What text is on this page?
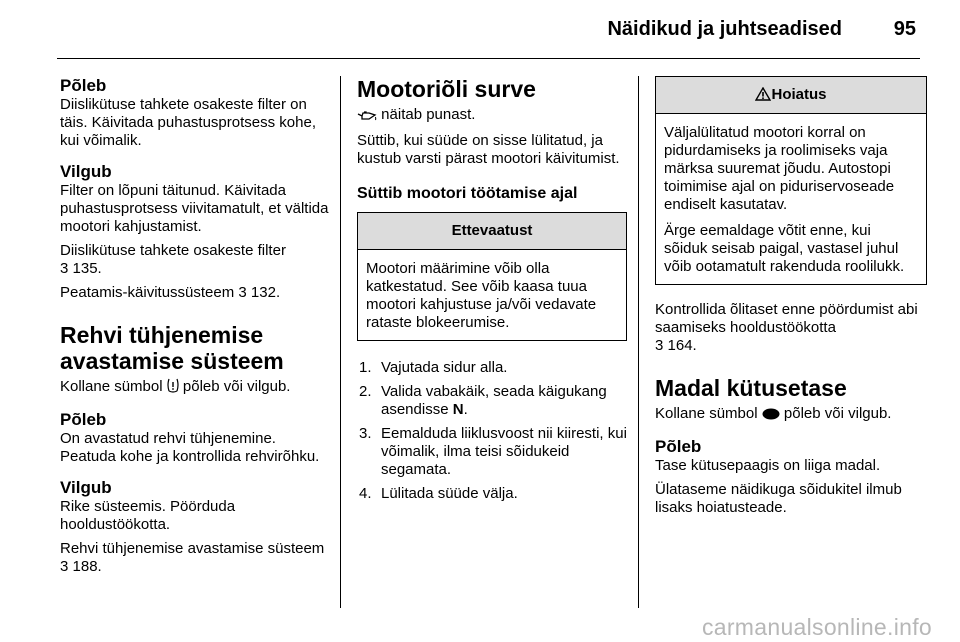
Näidikud ja juhtseadised	95

Põleb

Diislikütuse tahkete osakeste filter on täis. Käivitada puhastusprotsess kohe, kui võimalik.

Vilgub

Filter on lõpuni täitunud. Käivitada puhastusprotsess viivitamatult, et vältida mootori kahjustamist.

Diislikütuse tahkete osakeste filter
3 135.

Peatamis-käivitussüsteem 3 132.

Rehvi tühjenemise avastamise süsteem

Kollane sümbol põleb või vilgub.

Põleb

On avastatud rehvi tühjenemine. Peatuda kohe ja kontrollida rehvirõhku.

Vilgub

Rike süsteemis. Pöörduda hooldustöökotta.

Rehvi tühjenemise avastamise süsteem
3 188.

Mootoriõli surve

näitab punast.

Süttib, kui süüde on sisse lülitatud, ja kustub varsti pärast mootori käivitumist.

Süttib mootori töötamise ajal

Ettevaatust

Mootori määrimine võib olla katkestatud. See võib kaasa tuua mootori kahjustuse ja/või vedavate rataste blokeerumise.

1. Vajutada sidur alla.
2. Valida vabakäik, seada käigukang asendisse N.
3. Eemalduda liiklusvoost nii kiiresti, kui võimalik, ilma teisi sõidukeid segamata.
4. Lülitada süüde välja.
Hoiatus

Väljalülitatud mootori korral on pidurdamiseks ja roolimiseks vaja märksa suuremat jõudu. Autostopi toimimise ajal on piduriservoseade endiselt kasutatav.

Ärge eemaldage võtit enne, kui sõiduk seisab paigal, vastasel juhul võib ootamatult rakenduda roolilukk.

Kontrollida õlitaset enne pöördumist abi saamiseks hooldustöökotta
3 164.

Madal kütusetase

Kollane sümbol põleb või vilgub.

Põleb

Tase kütusepaagis on liiga madal.

Ülataseme näidikuga sõidukitel ilmub lisaks hoiatusteade.

carmanualsonline.info
